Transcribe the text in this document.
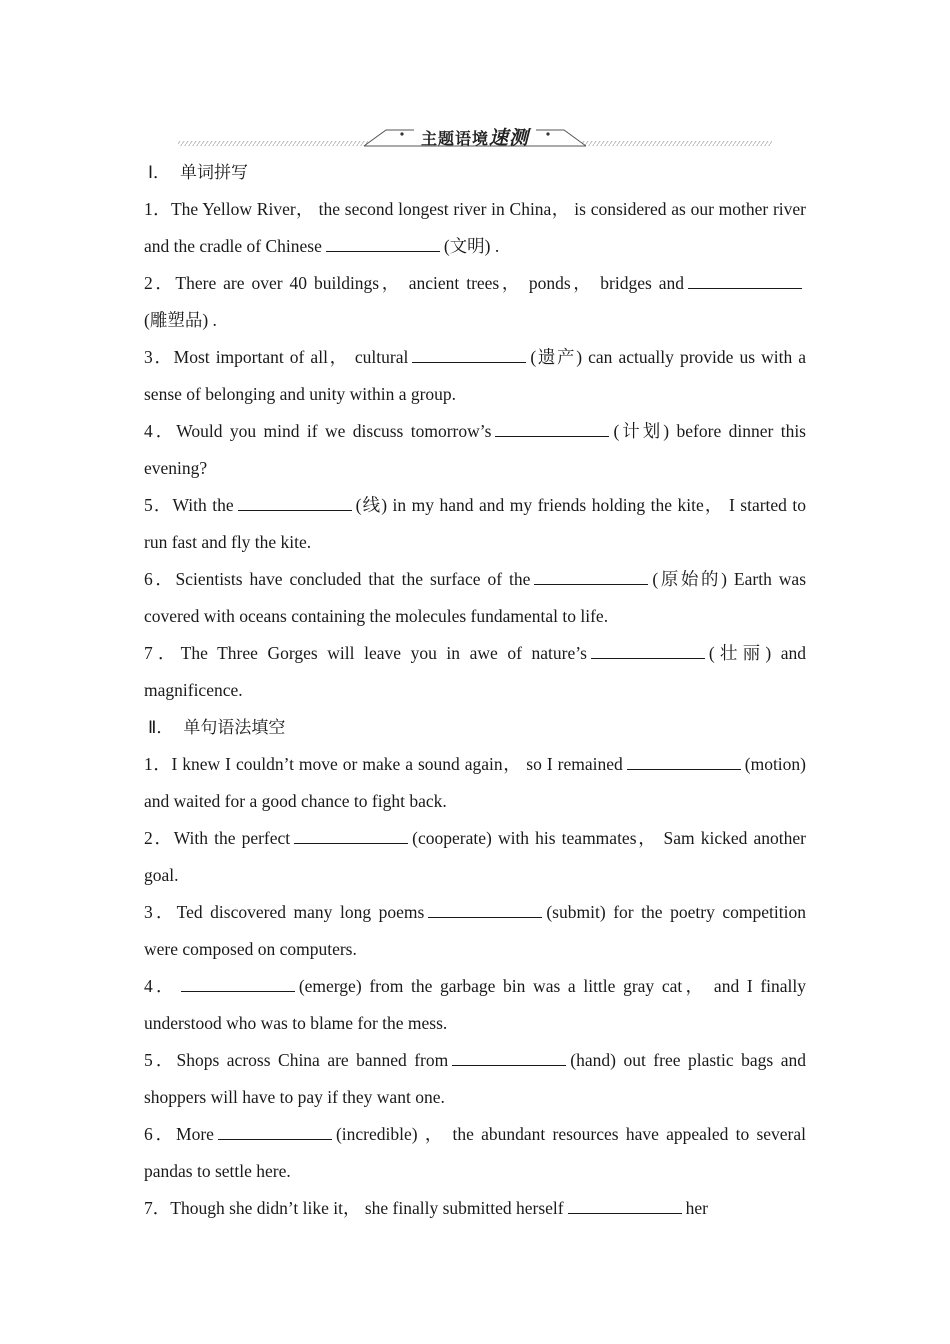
主题语境速测
Ⅰ． 单词拼写
1．The Yellow River， the second longest river in China， is considered as our mother river and the cradle of Chinese	(文明) .
2．There are over 40 buildings， ancient trees， ponds， bridges and(雕塑品) .
3．Most important of all， cultural	(遗产) can actually provide us with a sense of belonging and unity within a group.
4．Would you mind if we discuss tomorrow’s	(计划) before dinner this evening?
5．With the	(线) in my hand and my friends holding the kite， I started to run fast and fly the kite.
6．Scientists have concluded that the surface of the	(原始的) Earth was covered with oceans containing the molecules fundamental to life.
7．The Three Gorges will leave you in awe of nature’s	(壮丽) and magnificence.
Ⅱ． 单句语法填空
1．I knew I couldn’t move or make a sound again， so I remained	(motion) and waited for a good chance to fight back.
2．With the perfect	(cooperate) with his teammates， Sam kicked another goal.
3．Ted discovered many long poems	(submit) for the poetry competition were composed on computers.
4．	(emerge) from the garbage bin was a little gray cat， and I finally understood who was to blame for the mess.
5．Shops across China are banned from	(hand) out free plastic bags and shoppers will have to pay if they want one.
6．More	(incredible) ， the abundant resources have appealed to several pandas to settle here.
7．Though she didn’t like it， she finally submitted herself	her
